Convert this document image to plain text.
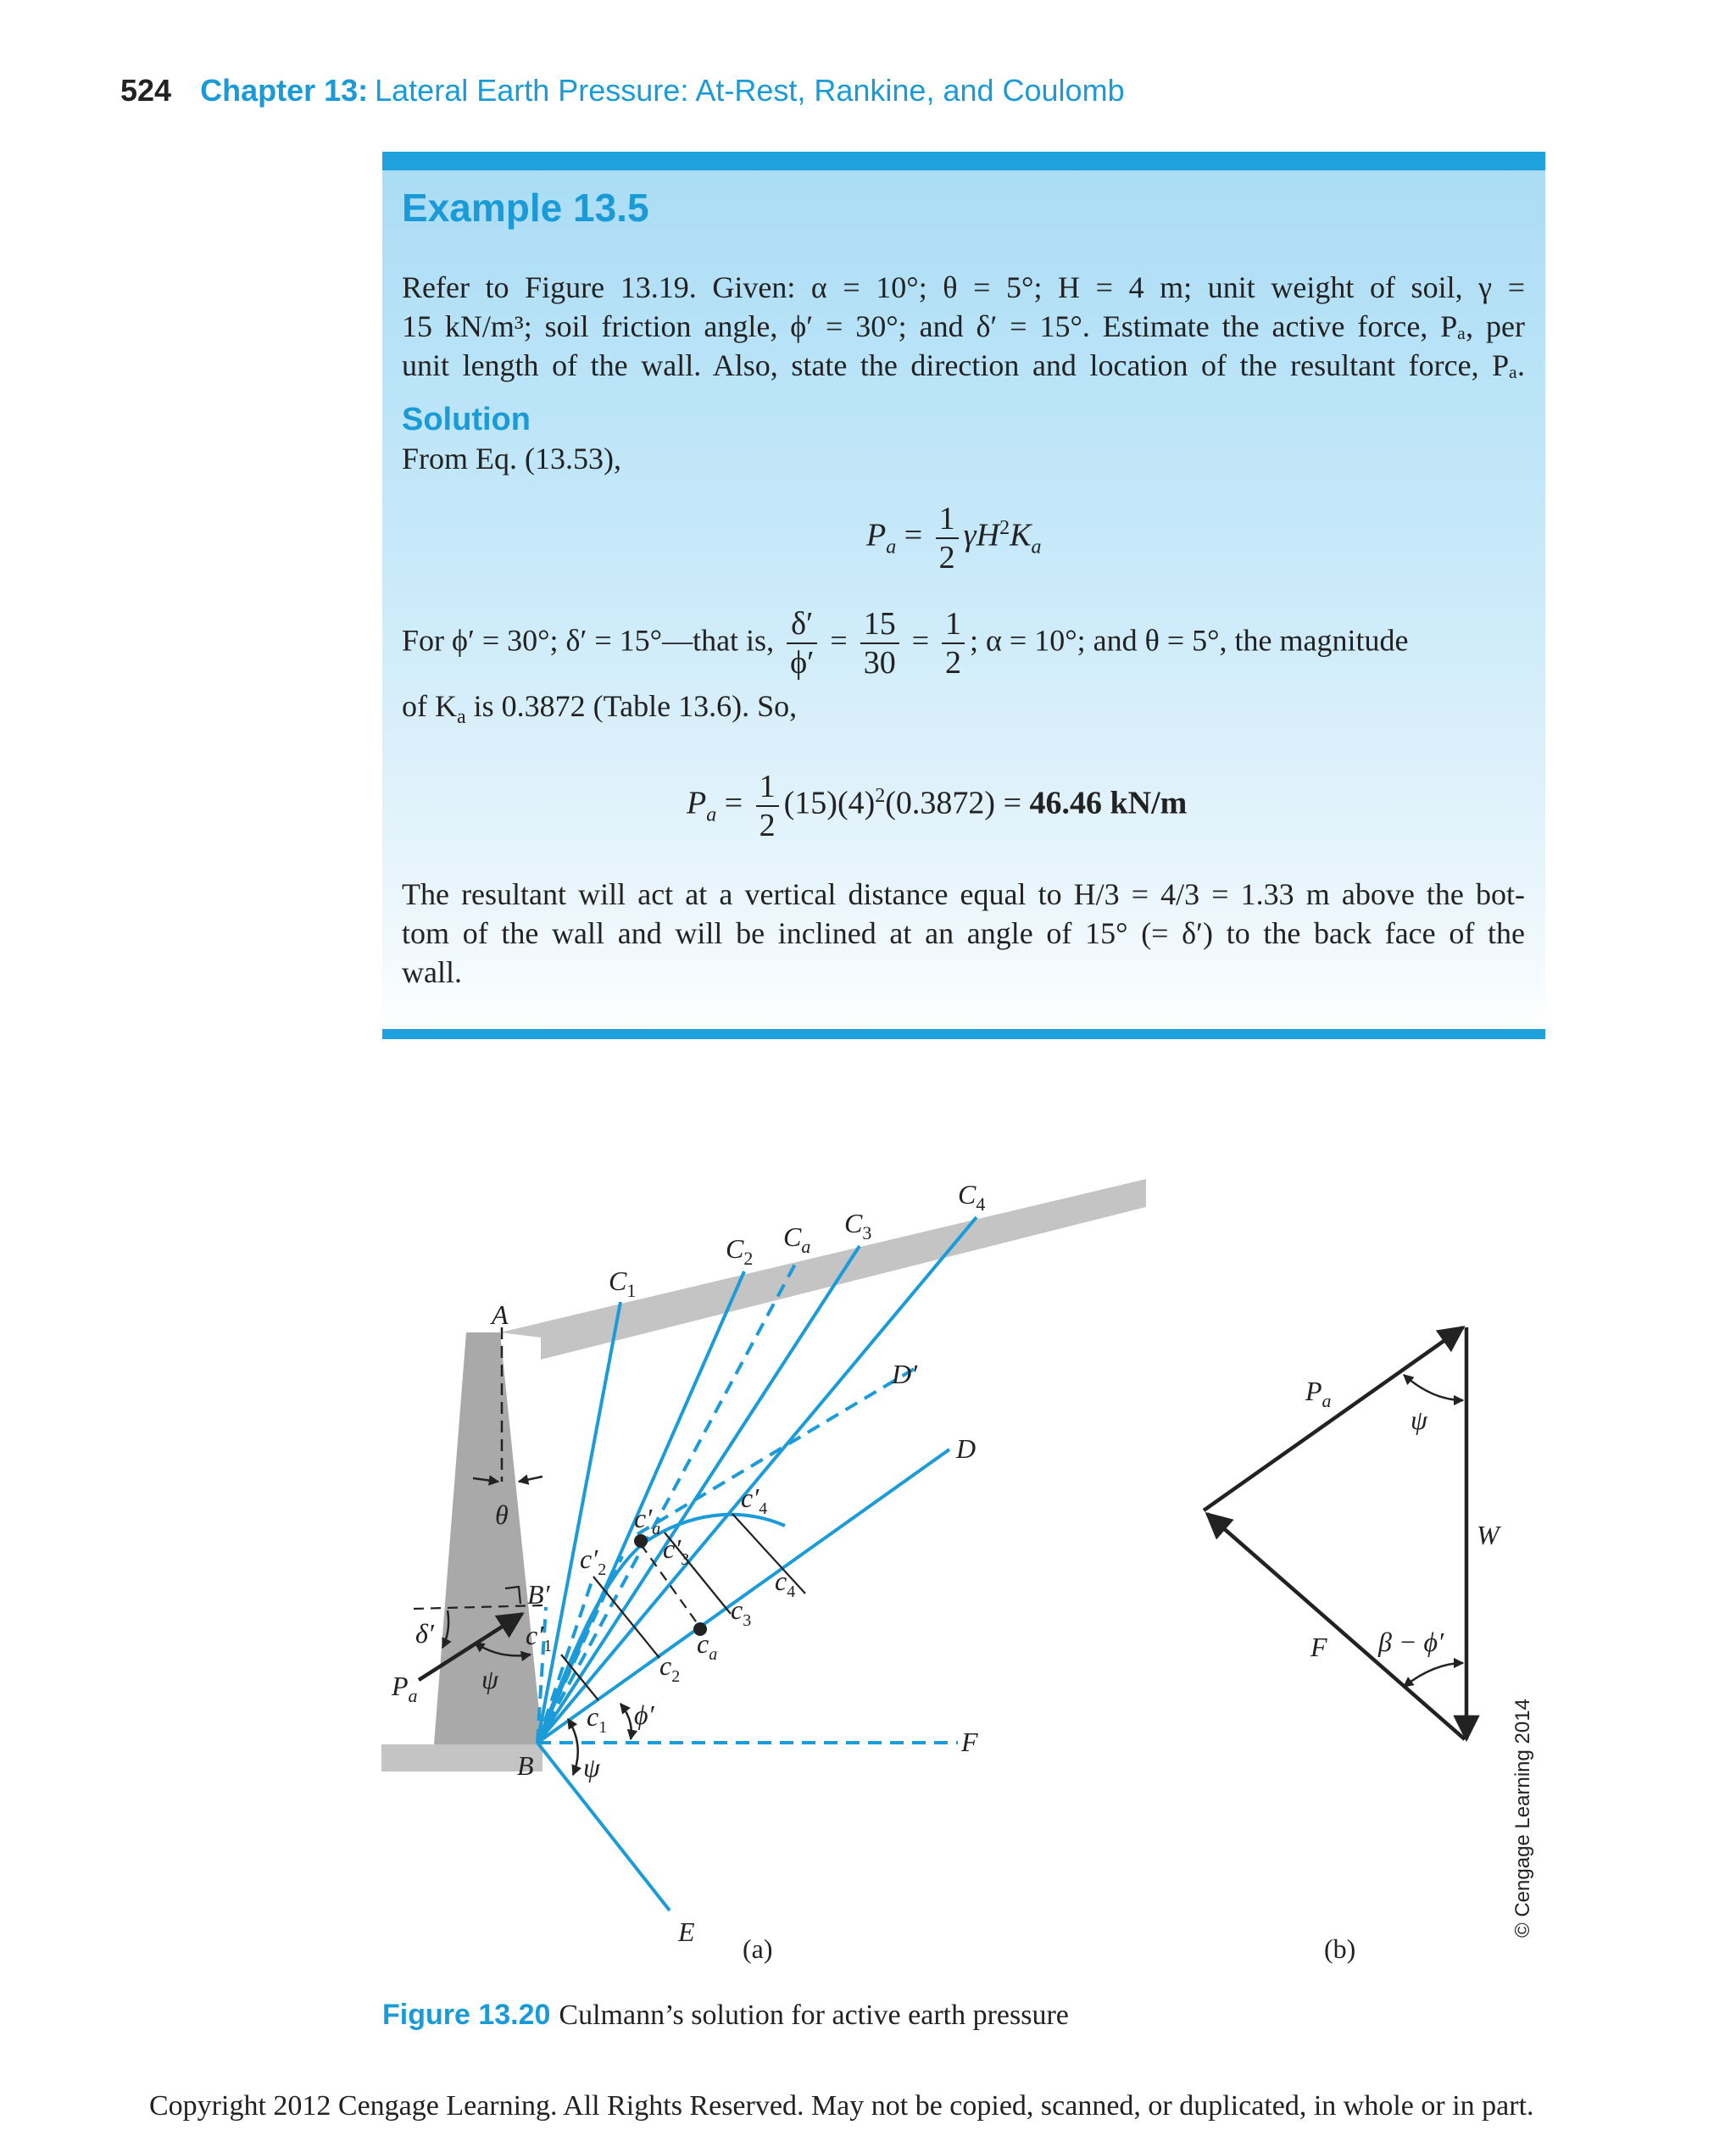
524 Chapter 13: Lateral Earth Pressure: At-Rest, Rankine, and Coulomb
Example 13.5
Refer to Figure 13.19. Given: α = 10°; θ = 5°; H = 4 m; unit weight of soil, γ =
15 kN/m³; soil friction angle, ϕ′ = 30°; and δ′ = 15°. Estimate the active force, Pₐ, per
unit length of the wall. Also, state the direction and location of the resultant force, Pₐ.
Solution
From Eq. (13.53),
$P_a = \frac{1}{2} \gamma H^2K_a$
For ϕ′ = 30°; δ′ = 15°—that is, $\frac{\delta'}{\phi'} = \frac{15}{30} = \frac{1}{2}$ ; α = 10°; and θ = 5°, the magnitude
of $K_a$ is 0.3872 (Table 13.6). So,
$P_a = \frac{1}{2} (15)(4)^2(0.3872) = 46.46$ kN/m
The resultant will act at a vertical distance equal to H/3 = 4/3 = 1.33 m above the bot-
tom of the wall and will be inclined at an angle of 15° (= δ′) to the back face of the
wall.
A
B
B′
E
F
D
D′
θ
δ′
ψ
ψ
ϕ′
$P_a$
$C_1$
$C_2$
$C_a$
$C_3$
$C_4$
$c_1$
$c_2$
$c_a$
$c_3$
$c_4$
$c'_1$
$c'_2$
$c'_a$
$c'_3$
$c'_4$
(a)
$P_a$
ψ
W
F β − ϕ′
(b)
© Cengage Learning 2014
Figure 13.20 Culmann’s solution for active earth pressure
Copyright 2012 Cengage Learning. All Rights Reserved. May not be copied, scanned, or duplicated, in whole or in part.
